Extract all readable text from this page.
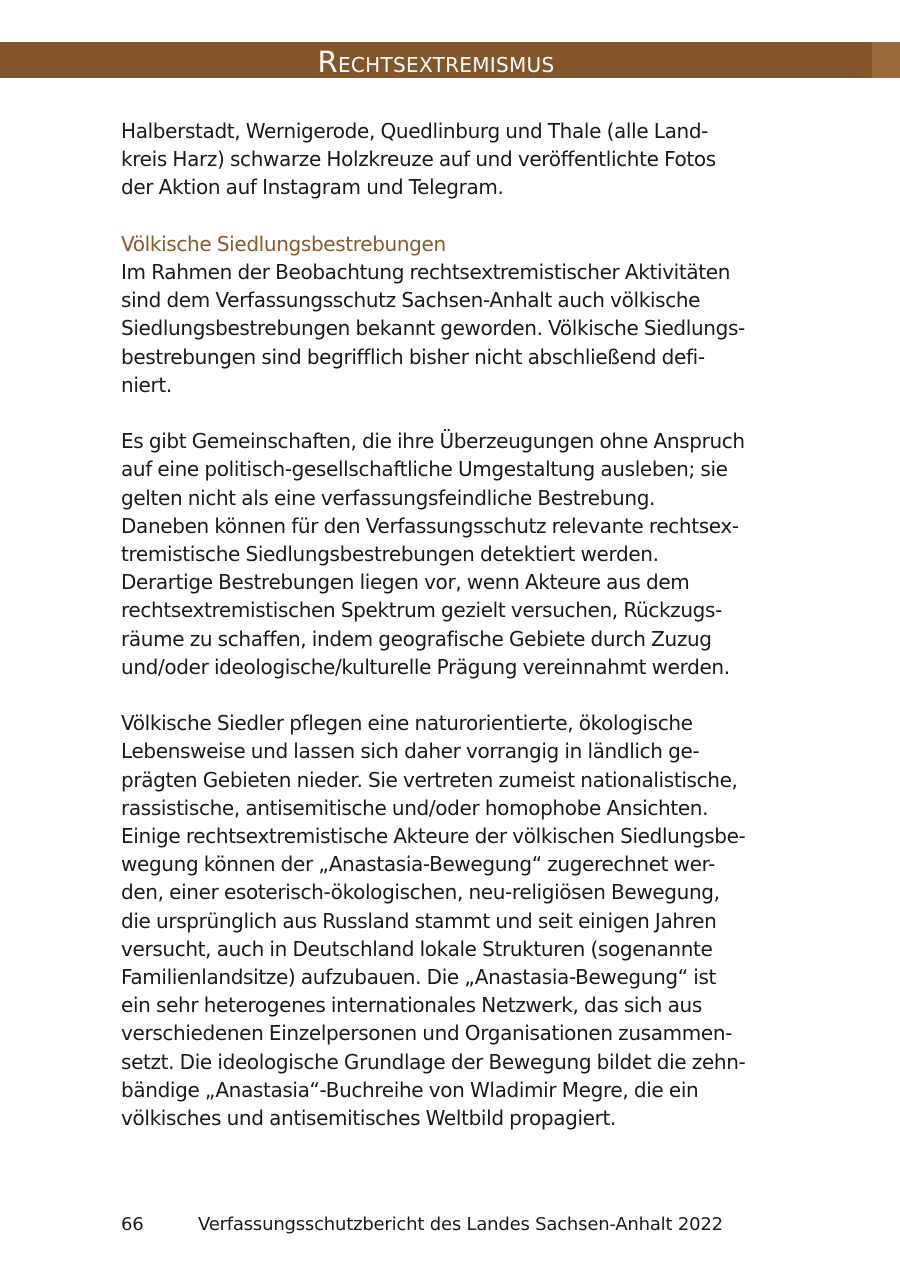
Rechtsextremismus
Halberstadt, Wernigerode, Quedlinburg und Thale (alle Land-
kreis Harz) schwarze Holzkreuze auf und veröffentlichte Fotos
der Aktion auf Instagram und Telegram.
Völkische Siedlungsbestrebungen
Im Rahmen der Beobachtung rechtsextremistischer Aktivitäten
sind dem Verfassungsschutz Sachsen-Anhalt auch völkische
Siedlungsbestrebungen bekannt geworden. Völkische Siedlungs-
bestrebungen sind begrifflich bisher nicht abschließend defi-
niert.
Es gibt Gemeinschaften, die ihre Überzeugungen ohne Anspruch
auf eine politisch-gesellschaftliche Umgestaltung ausleben; sie
gelten nicht als eine verfassungsfeindliche Bestrebung.
Daneben können für den Verfassungsschutz relevante rechtsex-
tremistische Siedlungsbestrebungen detektiert werden.
Derartige Bestrebungen liegen vor, wenn Akteure aus dem
rechtsextremistischen Spektrum gezielt versuchen, Rückzugs-
räume zu schaffen, indem geografische Gebiete durch Zuzug
und/oder ideologische/kulturelle Prägung vereinnahmt werden.
Völkische Siedler pflegen eine naturorientierte, ökologische
Lebensweise und lassen sich daher vorrangig in ländlich ge-
prägten Gebieten nieder. Sie vertreten zumeist nationalistische,
rassistische, antisemitische und/oder homophobe Ansichten.
Einige rechtsextremistische Akteure der völkischen Siedlungsbe-
wegung können der „Anastasia-Bewegung“ zugerechnet wer-
den, einer esoterisch-ökologischen, neu-religiösen Bewegung,
die ursprünglich aus Russland stammt und seit einigen Jahren
versucht, auch in Deutschland lokale Strukturen (sogenannte
Familienlandsitze) aufzubauen. Die „Anastasia-Bewegung“ ist
ein sehr heterogenes internationales Netzwerk, das sich aus
verschiedenen Einzelpersonen und Organisationen zusammen-
setzt. Die ideologische Grundlage der Bewegung bildet die zehn-
bändige „Anastasia“-Buchreihe von Wladimir Megre, die ein
völkisches und antisemitisches Weltbild propagiert.
66	Verfassungsschutzbericht des Landes Sachsen-Anhalt 2022
